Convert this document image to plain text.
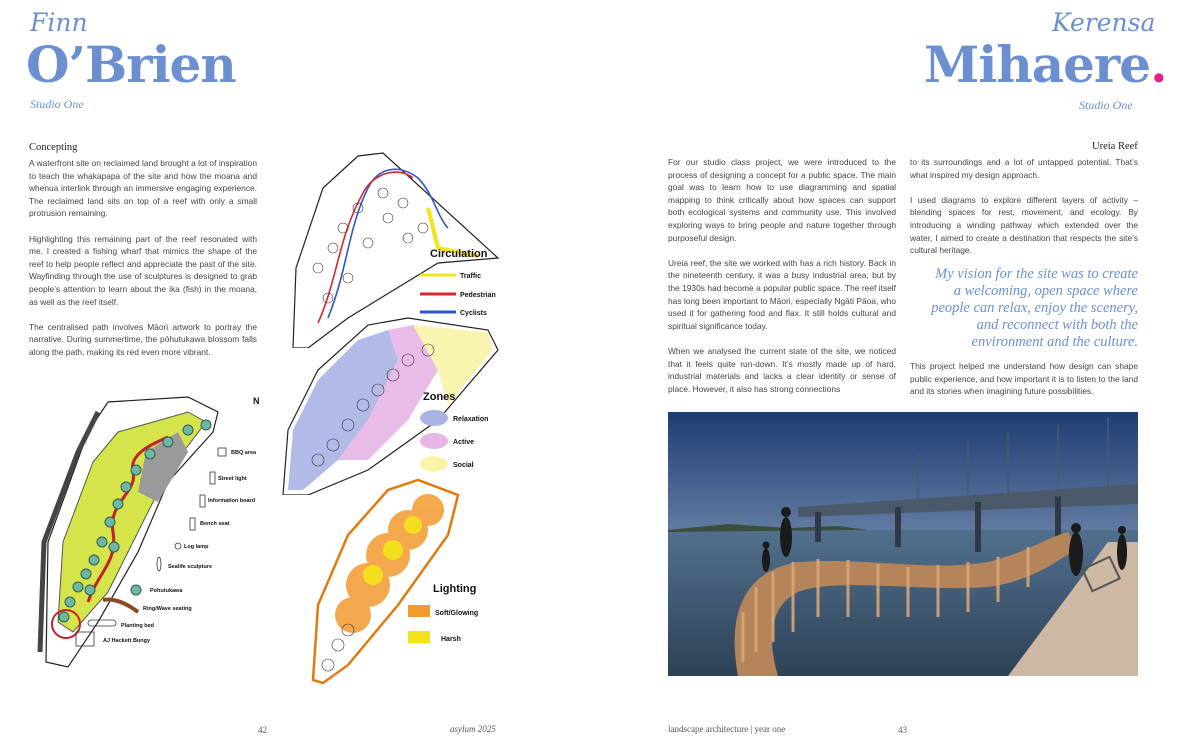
Finn
O’Brien
Studio One
Concepting

A waterfront site on reclaimed land brought a lot of inspiration to teach the whakapapa of the site and how the moana and whenua interlink through an immersive engaging experience. The reclaimed land sits on top of a reef with only a small protrusion remaining.

Highlighting this remaining part of the reef resonated with me. I created a fishing wharf that mimics the shape of the reef to help people reflect and appreciate the past of the site. Wayfinding through the use of sculptures is designed to grab people’s attention to learn about the ika (fish) in the moana, as well as the reef itself.

The centralised path involves Māori artwork to portray the narrative. During summertime, the pōhutukawa blossom falls along the path, making its red even more vibrant.

N
BBQ area
Street light
Information board
Bench seat
Log lamp
Sealife sculpture
Pohutukawa
Ring/Wave seating
Planting bed
AJ Hackett Bungy
Circulation
Traffic
Pedestrian
Cyclists
Zones
Relaxation
Active
Social
Lighting
Soft/Glowing
Harsh
42	asylum 2025
Kerensa
Mihaere.
Studio One
Ureia Reef

For our studio class project, we were introduced to the process of designing a concept for a public space. The main goal was to learn how to use diagramming and spatial mapping to think critically about how spaces can support both ecological systems and community use. This involved exploring ways to bring people and nature together through purposeful design.

Ureia reef, the site we worked with has a rich history. Back in the nineteenth century, it was a busy industrial area, but by the 1930s had become a popular public space. The reef itself has long been important to Māori, especially Ngāti Pāoa, who used it for gathering food and flax. It still holds cultural and spiritual significance today.

When we analysed the current state of the site, we noticed that it feels quite run-down. It’s mostly made up of hard, industrial materials and lacks a clear identity or sense of place. However, it also has strong connections

to its surroundings and a lot of untapped potential. That’s what inspired my design approach.

I used diagrams to explore different layers of activity – blending spaces for rest, movement, and ecology. By introducing a winding pathway which extended over the water, I aimed to create a destination that respects the site’s cultural heritage.

My vision for the site was to create a welcoming, open space where people can relax, enjoy the scenery, and reconnect with both the environment and the culture.
This project helped me understand how design can shape public experience, and how important it is to listen to the land and its stories when imagining future possibilities.
landscape architecture | year one	43
